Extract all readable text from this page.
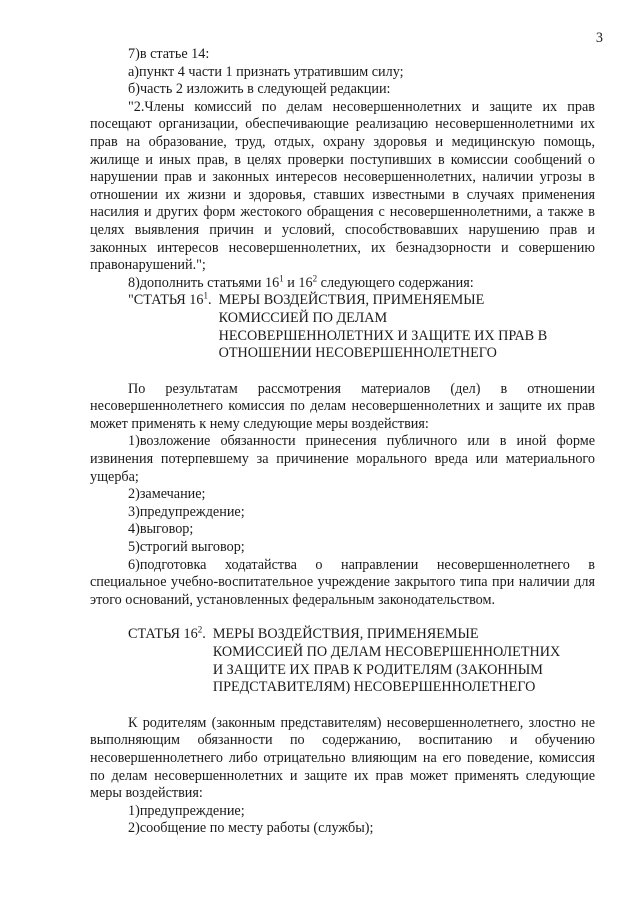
3

7)в статье 14:

а)пункт 4 части 1 признать утратившим силу;

б)часть 2 изложить в следующей редакции:

"2.Члены комиссий по делам несовершеннолетних и защите их прав посещают организации, обеспечивающие реализацию несовершеннолетними их прав на образование, труд, отдых, охрану здоровья и медицинскую помощь, жилище и иных прав, в целях проверки поступивших в комиссии сообщений о нарушении прав и законных интересов несовершеннолетних, наличии угрозы в отношении их жизни и здоровья, ставших известными в случаях применения насилия и других форм жестокого обращения с несовершеннолетними, а также в целях выявления причин и условий, способствовавших нарушению прав и законных интересов несовершеннолетних, их безнадзорности и совершению правонарушений.";

8)дополнить статьями $16^1$ и $16^2$ следующего содержания:

"СТАТЬЯ $16^1$. МЕРЫ ВОЗДЕЙСТВИЯ, ПРИМЕНЯЕМЫЕ
КОМИССИЕЙ ПО ДЕЛАМ
НЕСОВЕРШЕННОЛЕТНИХ И ЗАЩИТЕ ИХ ПРАВ В
ОТНОШЕНИИ НЕСОВЕРШЕННОЛЕТНЕГО

По результатам рассмотрения материалов (дел) в отношении несовершеннолетнего комиссия по делам несовершеннолетних и защите их прав может применять к нему следующие меры воздействия:

1)возложение обязанности принесения публичного или в иной форме извинения потерпевшему за причинение морального вреда или материального ущерба;

2)замечание;

3)предупреждение;

4)выговор;

5)строгий выговор;

6)подготовка ходатайства о направлении несовершеннолетнего в специальное учебно-воспитательное учреждение закрытого типа при наличии для этого оснований, установленных федеральным законодательством.

СТАТЬЯ $16^2$. МЕРЫ ВОЗДЕЙСТВИЯ, ПРИМЕНЯЕМЫЕ
КОМИССИЕЙ ПО ДЕЛАМ НЕСОВЕРШЕННОЛЕТНИХ
И ЗАЩИТЕ ИХ ПРАВ К РОДИТЕЛЯМ (ЗАКОННЫМ
ПРЕДСТАВИТЕЛЯМ) НЕСОВЕРШЕННОЛЕТНЕГО

К родителям (законным представителям) несовершеннолетнего, злостно не выполняющим обязанности по содержанию, воспитанию и обучению несовершеннолетнего либо отрицательно влияющим на его поведение, комиссия по делам несовершеннолетних и защите их прав может применять следующие меры воздействия:

1)предупреждение;

2)сообщение по месту работы (службы);
